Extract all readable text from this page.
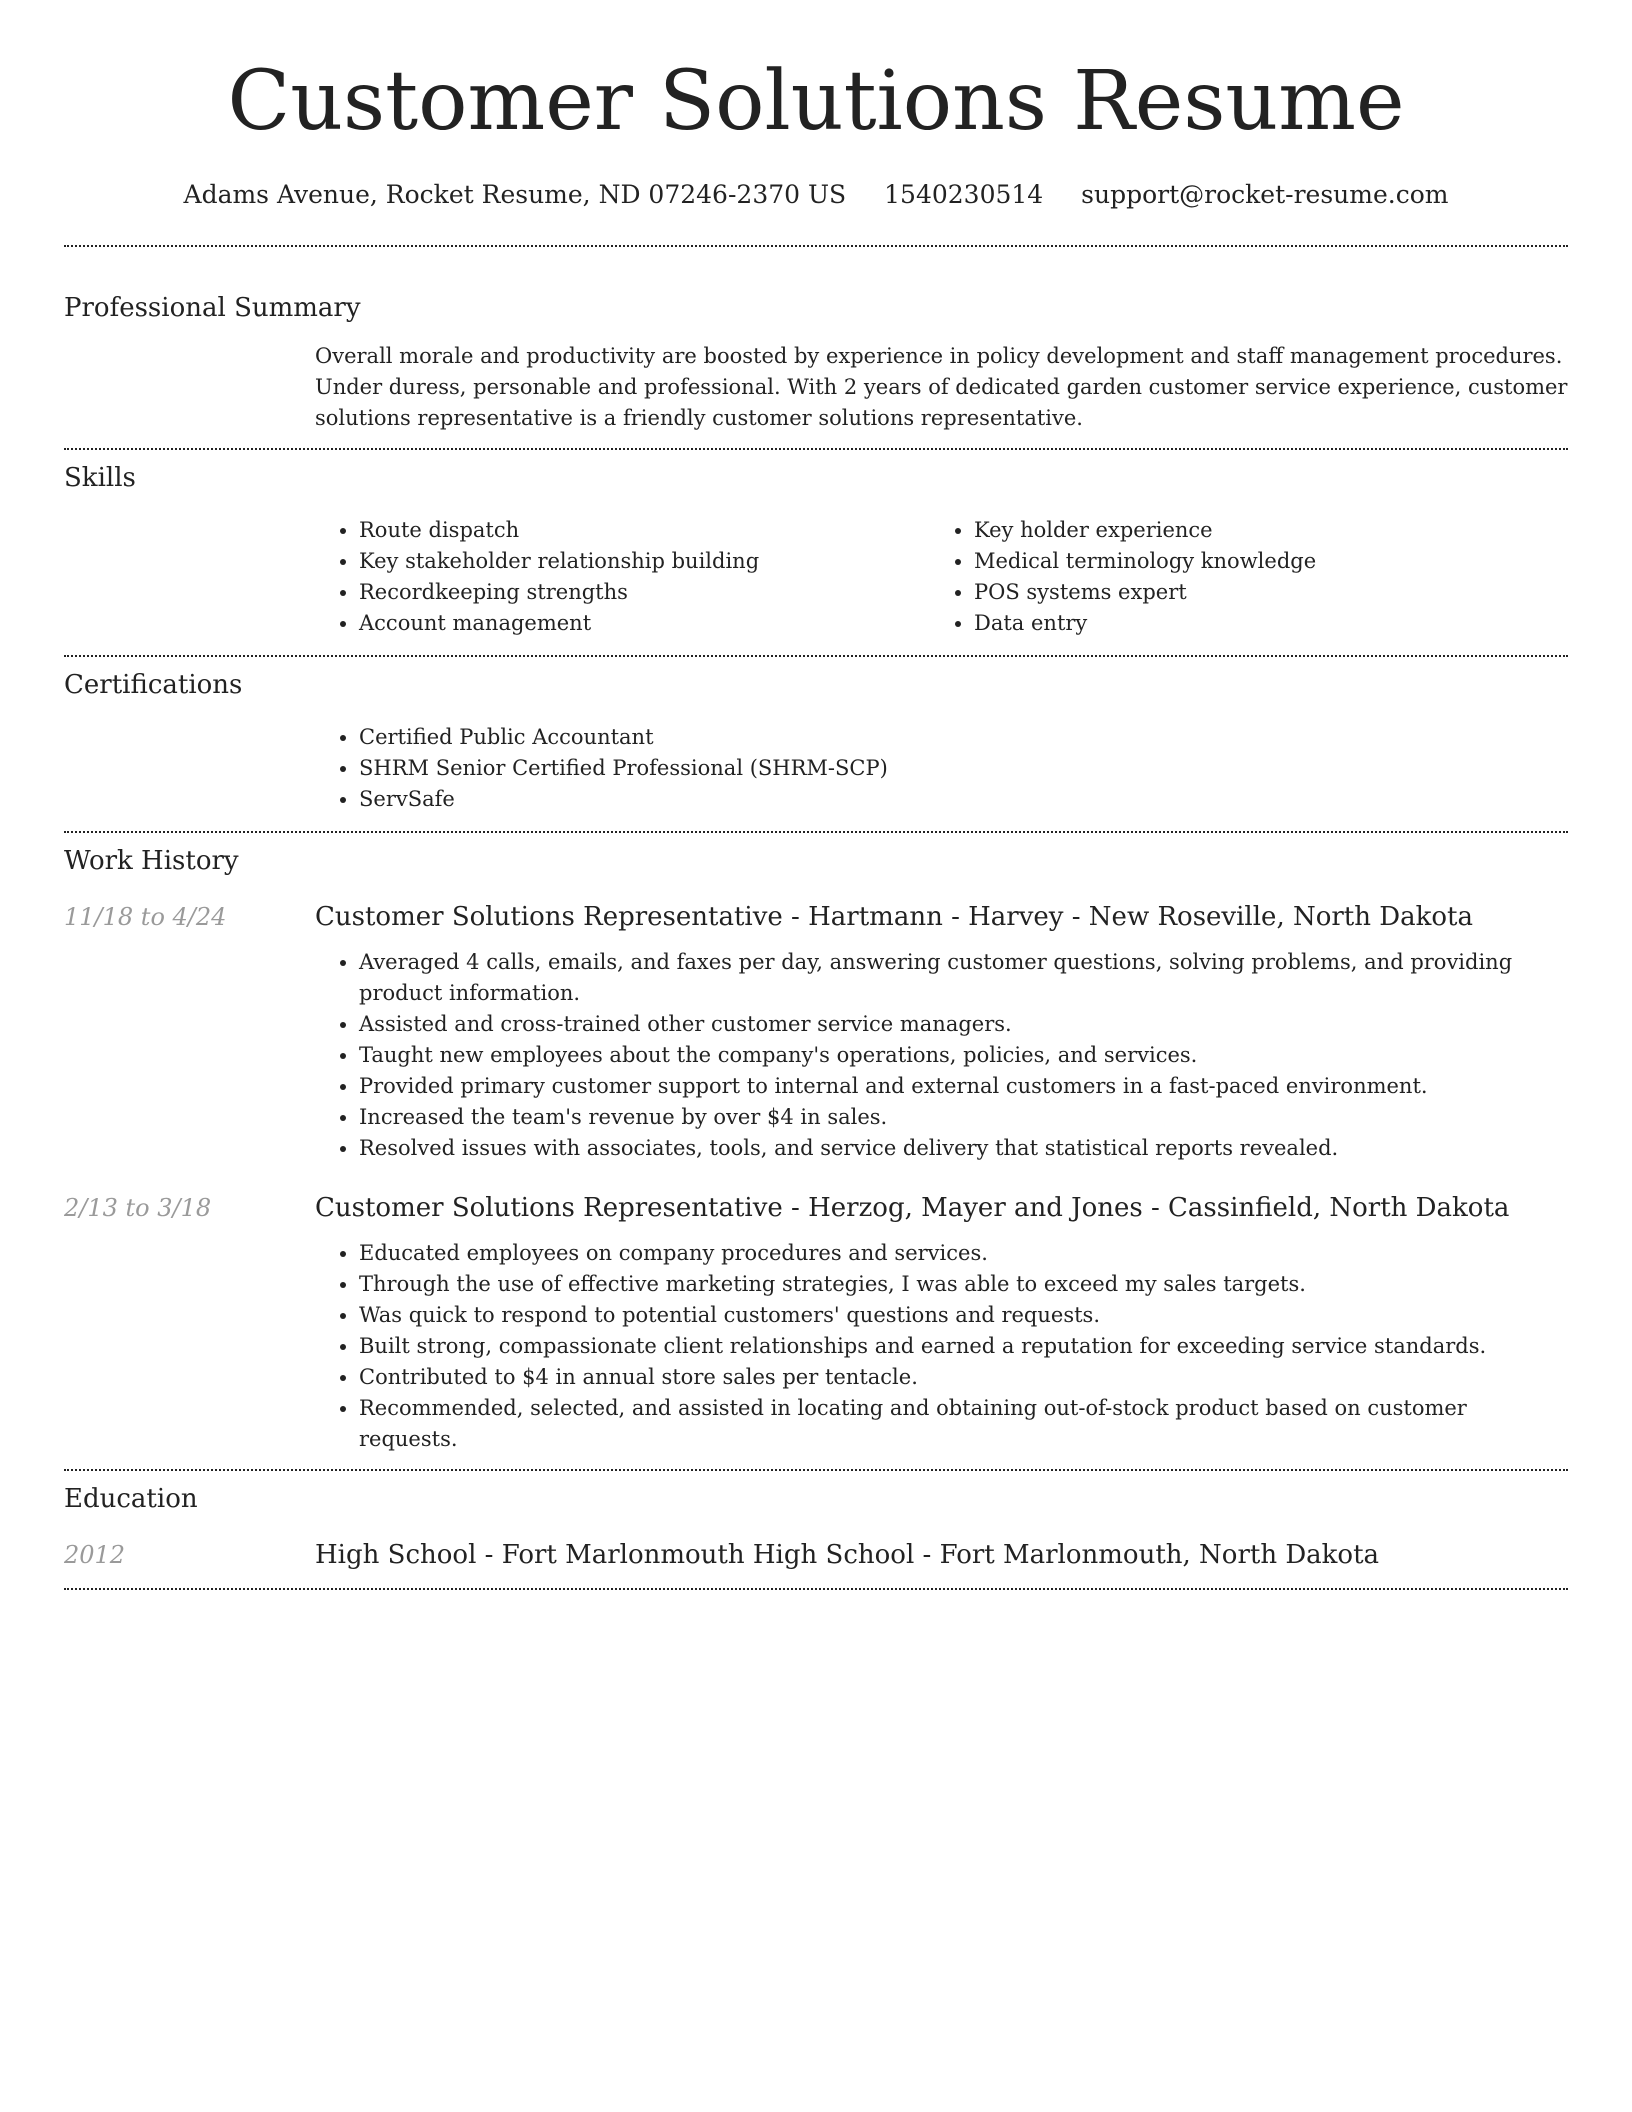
Customer Solutions Resume
Adams Avenue, Rocket Resume, ND 07246-2370 US 1540230514 support@rocket-resume.com
Professional Summary

Overall morale and productivity are boosted by experience in policy development and staff management procedures. Under duress, personable and professional. With 2 years of dedicated garden customer service experience, customer solutions representative is a friendly customer solutions representative.

Skills
• Route dispatch
• Key stakeholder relationship building
• Recordkeeping strengths
• Account management
• Key holder experience
• Medical terminology knowledge
• POS systems expert
• Data entry
Certifications
• Certified Public Accountant
• SHRM Senior Certified Professional (SHRM-SCP)
• ServSafe
Work History
11/18 to 4/24	Customer Solutions Representative - Hartmann - Harvey - New Roseville, North Dakota
• Averaged 4 calls, emails, and faxes per day, answering customer questions, solving problems, and providing product information.
• Assisted and cross-trained other customer service managers.
• Taught new employees about the company's operations, policies, and services.
• Provided primary customer support to internal and external customers in a fast-paced environment.
• Increased the team's revenue by over $4 in sales.
• Resolved issues with associates, tools, and service delivery that statistical reports revealed.
2/13 to 3/18	Customer Solutions Representative - Herzog, Mayer and Jones - Cassinfield, North Dakota
• Educated employees on company procedures and services.
• Through the use of effective marketing strategies, I was able to exceed my sales targets.
• Was quick to respond to potential customers' questions and requests.
• Built strong, compassionate client relationships and earned a reputation for exceeding service standards.
• Contributed to $4 in annual store sales per tentacle.
• Recommended, selected, and assisted in locating and obtaining out-of-stock product based on customer requests.
Education
2012	High School - Fort Marlonmouth High School - Fort Marlonmouth, North Dakota
